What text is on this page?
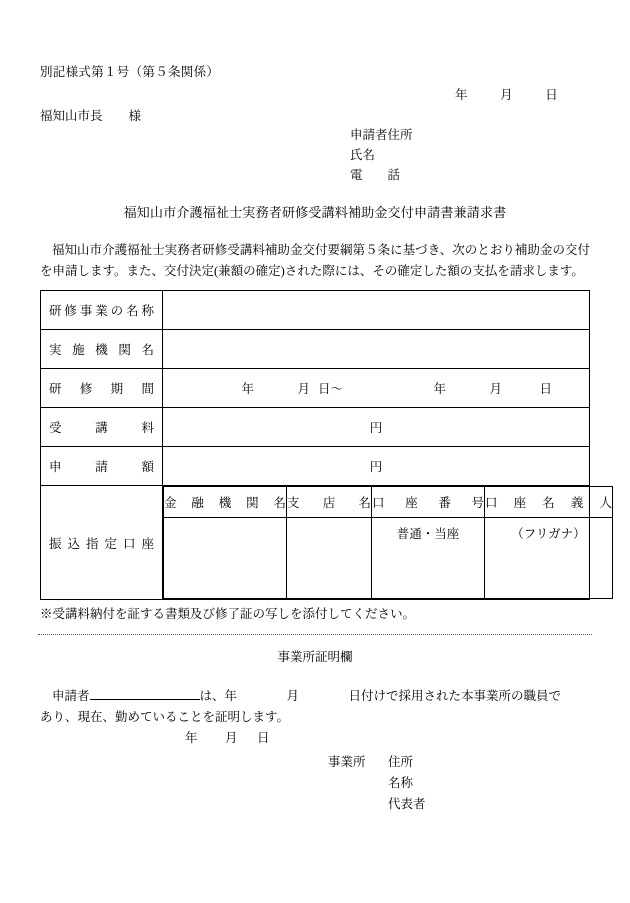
別記様式第１号（第５条関係）
年	月	日
福知山市長 様
申請者住所
氏名
電　　話
福知山市介護福祉士実務者研修受講料補助金交付申請書兼請求書
福知山市介護福祉士実務者研修受講料補助金交付要綱第５条に基づき、次のとおり補助金の交付を申請します。また、交付決定(兼額の確定)された際には、その確定した額の支払を請求します。
研修事業の名称

実施機関名

研修期間	年	月 日～	年	月	日

受講料	円

申請額	円

振込指定口座

金融機関名	支店名	口座番号	口座名義人

		普通・当座	（フリガナ）
※受講料納付を証する書類及び修了証の写しを添付してください。
事業所証明欄
申請者	は、年	月	日付けで採用された本事業所の職員で
あり、現在、勤めていることを証明します。
年 月 日
事業所 住所
名称
代表者
